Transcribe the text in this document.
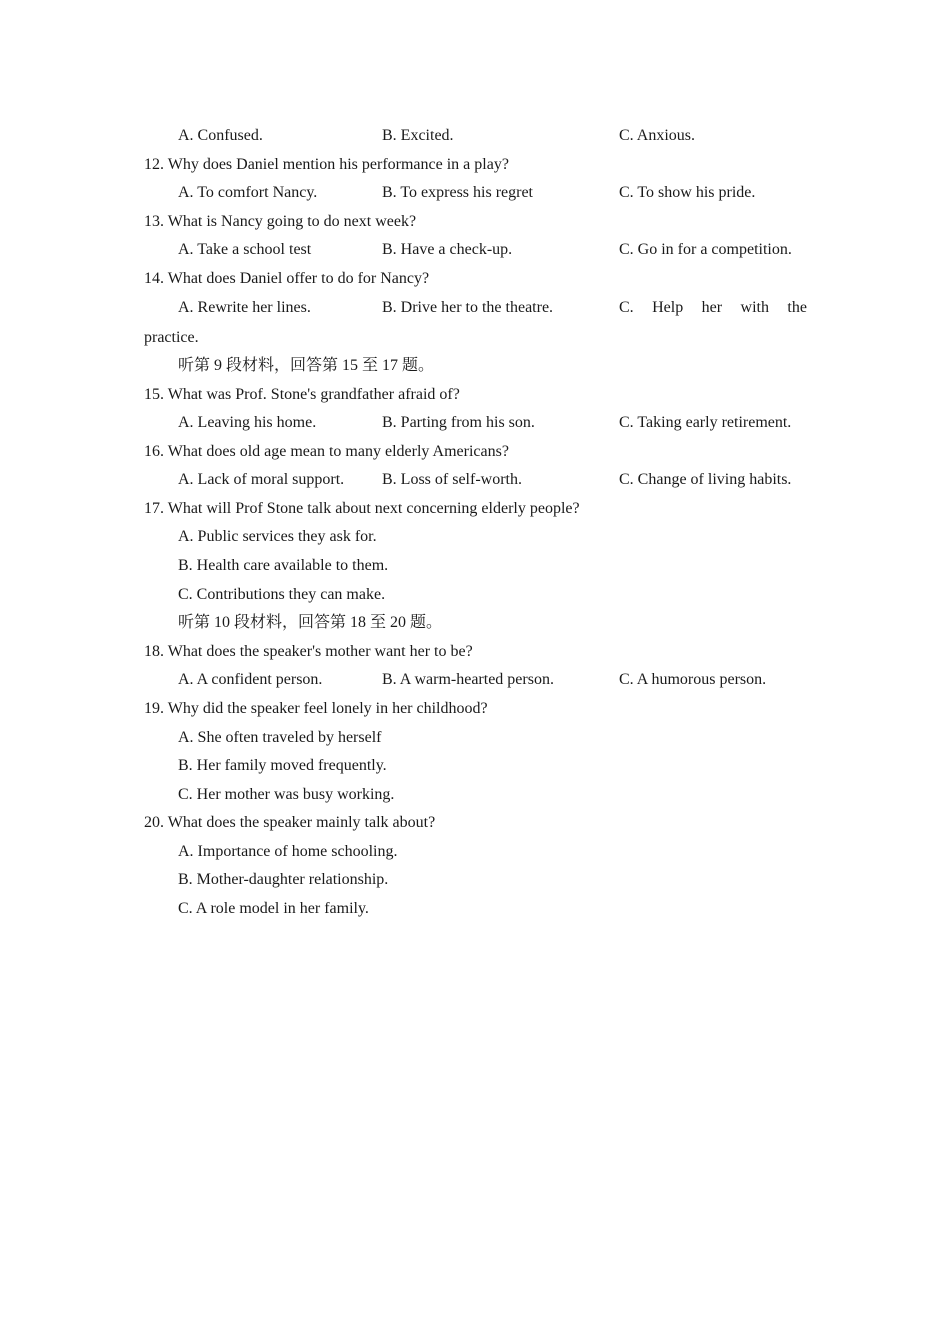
A. Confused.	B. Excited.	C. Anxious.
12. Why does Daniel mention his performance in a play?
A. To comfort Nancy.	B. To express his regret	C. To show his pride.
13. What is Nancy going to do next week?
A. Take a school test	B. Have a check-up.	C. Go in for a competition.
14. What does Daniel offer to do for Nancy?
A. Rewrite her lines.	B. Drive her to the theatre.	C. Help her with the
practice.
听第 9 段材料，回答第 15 至 17 题。
15. What was Prof. Stone's grandfather afraid of?
A. Leaving his home.	B. Parting from his son.	C. Taking early retirement.
16. What does old age mean to many elderly Americans?
A. Lack of moral support. B. Loss of self-worth.	C. Change of living habits.
17. What will Prof Stone talk about next concerning elderly people?
A. Public services they ask for.
B. Health care available to them.
C. Contributions they can make.
听第 10 段材料，回答第 18 至 20 题。
18. What does the speaker's mother want her to be?
A. A confident person.	B. A warm-hearted person.	C. A humorous person.
19. Why did the speaker feel lonely in her childhood?
A. She often traveled by herself
B. Her family moved frequently.
C. Her mother was busy working.
20. What does the speaker mainly talk about?
A. Importance of home schooling.
B. Mother-daughter relationship.
C. A role model in her family.
